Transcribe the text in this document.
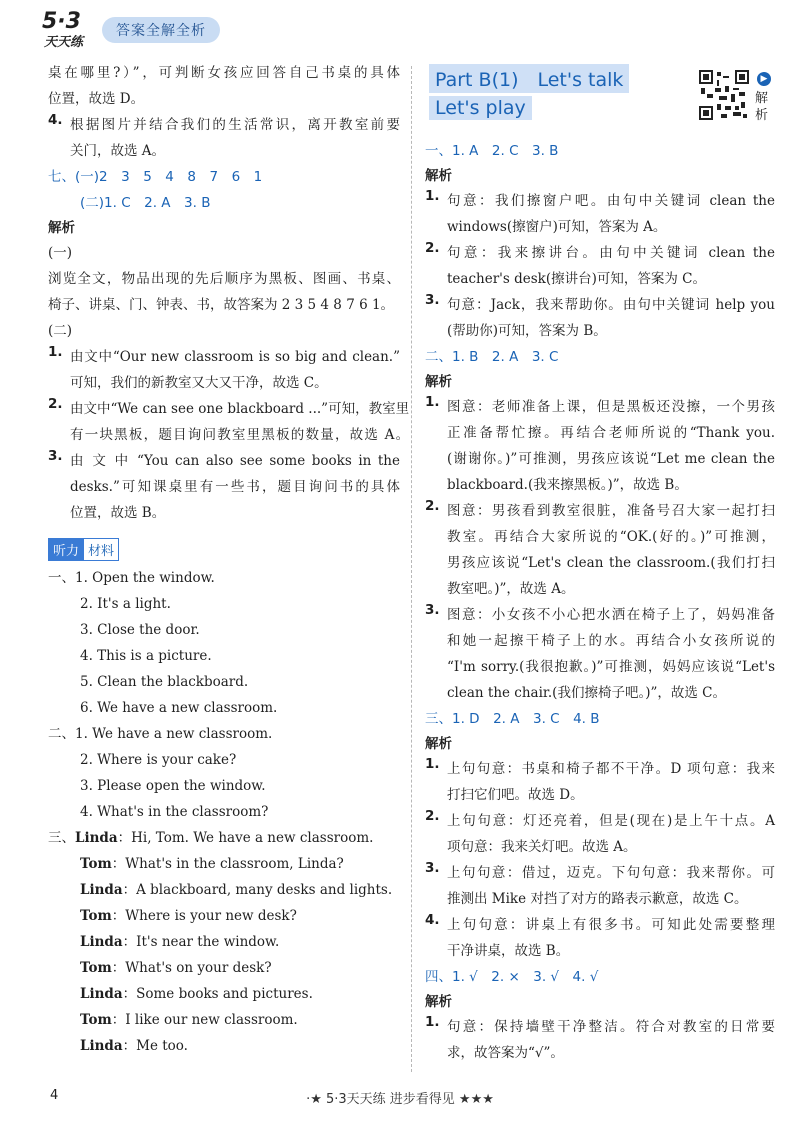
5·3
天天练
答案全解全析
桌在哪里?）”，可判断女孩应回答自己书桌的具体
位置，故选 D。
4. 根据图片并结合我们的生活常识，离开教室前要
关门，故选 A。
七、(一)2　3　5　4　8　7　6　1
(二)1. C　2. A　3. B
解析
(一)
浏览全文，物品出现的先后顺序为黑板、图画、书桌、
椅子、讲桌、门、钟表、书，故答案为 2 3 5 4 8 7 6 1。
(二)
1. 由文中“Our new classroom is so big and clean.”
可知，我们的新教室又大又干净，故选 C。
2. 由文中“We can see one blackboard ...”可知，教室里
有一块黑板，题目询问教室里黑板的数量，故选 A。
3. 由 文 中 “You can also see some books in the
desks.”可知课桌里有一些书，题目询问书的具体
位置，故选 B。
听力 材料
一、1. Open the window.
2. It's a light.
3. Close the door.
4. This is a picture.
5. Clean the blackboard.
6. We have a new classroom.
二、1. We have a new classroom.
2. Where is your cake?
3. Please open the window.
4. What's in the classroom?
三、Linda：Hi, Tom. We have a new classroom.
Tom：What's in the classroom, Linda?
Linda：A blackboard, many desks and lights.
Tom：Where is your new desk?
Linda：It's near the window.
Tom：What's on your desk?
Linda：Some books and pictures.
Tom：I like our new classroom.
Linda：Me too.
Part B(1)　Let's talk
Let's play
▶
解析
一、1. A　2. C　3. B
解析
1. 句意：我们擦窗户吧。由句中关键词 clean the
windows(擦窗户)可知，答案为 A。
2. 句意：我来擦讲台。由句中关键词 clean the
teacher's desk(擦讲台)可知，答案为 C。
3. 句意：Jack，我来帮助你。由句中关键词 help you
(帮助你)可知，答案为 B。
二、1. B　2. A　3. C
解析
1. 图意：老师准备上课，但是黑板还没擦，一个男孩
正准备帮忙擦。再结合老师所说的“Thank you.
(谢谢你。)”可推测，男孩应该说“Let me clean the
blackboard.(我来擦黑板。)”，故选 B。
2. 图意：男孩看到教室很脏，准备号召大家一起打扫
教室。再结合大家所说的“OK.(好的。)”可推测，
男孩应该说“Let's clean the classroom.(我们打扫
教室吧。)”，故选 A。
3. 图意：小女孩不小心把水洒在椅子上了，妈妈准备
和她一起擦干椅子上的水。再结合小女孩所说的
“I'm sorry.(我很抱歉。)”可推测，妈妈应该说“Let's
clean the chair.(我们擦椅子吧。)”，故选 C。
三、1. D　2. A　3. C　4. B
解析
1. 上句句意：书桌和椅子都不干净。D 项句意：我来
打扫它们吧。故选 D。
2. 上句句意：灯还亮着，但是(现在)是上午十点。A
项句意：我来关灯吧。故选 A。
3. 上句句意：借过，迈克。下句句意：我来帮你。可
推测出 Mike 对挡了对方的路表示歉意，故选 C。
4. 上句句意：讲桌上有很多书。可知此处需要整理
干净讲桌，故选 B。
四、1. √　2. ×　3. √　4. √
解析
1. 句意：保持墙壁干净整洁。符合对教室的日常要
求，故答案为“√”。
4	·★ 5·3天天练 进步看得见 ★★★
